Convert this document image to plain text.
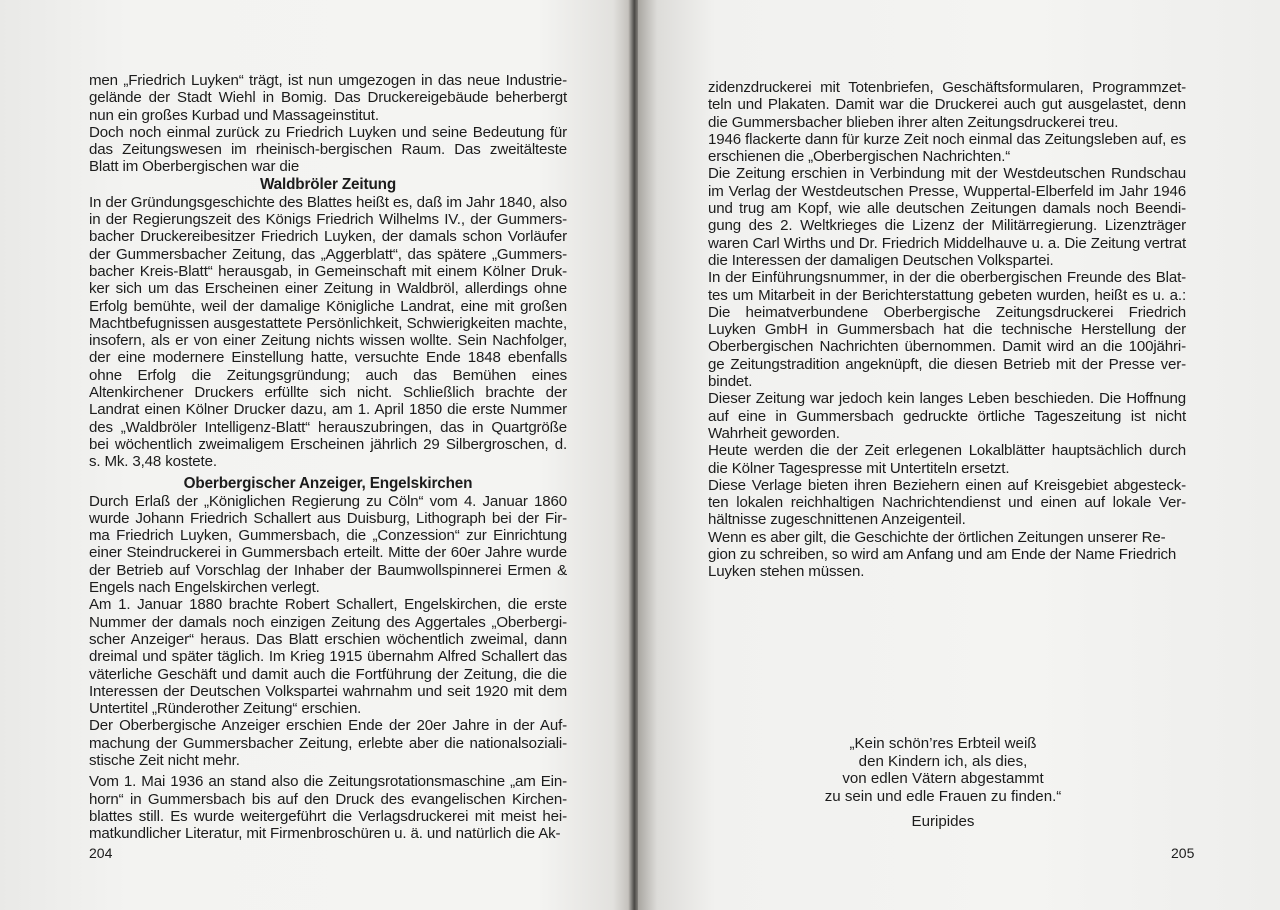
men „Friedrich Luyken“ trägt, ist nun umgezogen in das neue Industrie- gelände der Stadt Wiehl in Bomig. Das Druckereigebäude beherbergt nun ein großes Kurbad und Massageinstitut.

Doch noch einmal zurück zu Friedrich Luyken und seine Bedeutung für das Zeitungswesen im rheinisch-bergischen Raum. Das zweitälteste Blatt im Oberbergischen war die

Waldbröler Zeitung

In der Gründungsgeschichte des Blattes heißt es, daß im Jahr 1840, also in der Regierungszeit des Königs Friedrich Wilhelms IV., der Gummers- bacher Druckereibesitzer Friedrich Luyken, der damals schon Vorläufer der Gummersbacher Zeitung, das „Aggerblatt“, das spätere „Gummers- bacher Kreis-Blatt“ herausgab, in Gemeinschaft mit einem Kölner Druk- ker sich um das Erscheinen einer Zeitung in Waldbröl, allerdings ohne Erfolg bemühte, weil der damalige Königliche Landrat, eine mit großen Machtbefugnissen ausgestattete Persönlichkeit, Schwierigkeiten machte, insofern, als er von einer Zeitung nichts wissen wollte. Sein Nachfolger, der eine modernere Einstellung hatte, versuchte Ende 1848 ebenfalls ohne Erfolg die Zeitungsgründung; auch das Bemühen eines Altenkirchener Druckers erfüllte sich nicht. Schließlich brachte der Landrat einen Kölner Drucker dazu, am 1. April 1850 die erste Nummer des „Waldbröler Intelligenz-Blatt“ herauszubringen, das in Quartgröße bei wöchentlich zweimaligem Erscheinen jährlich 29 Silbergroschen, d. s. Mk. 3,48 kostete.

Oberbergischer Anzeiger, Engelskirchen

Durch Erlaß der „Königlichen Regierung zu Cöln“ vom 4. Januar 1860 wurde Johann Friedrich Schallert aus Duisburg, Lithograph bei der Fir- ma Friedrich Luyken, Gummersbach, die „Conzession“ zur Einrichtung einer Steindruckerei in Gummersbach erteilt. Mitte der 60er Jahre wurde der Betrieb auf Vorschlag der Inhaber der Baumwollspinnerei Ermen & Engels nach Engelskirchen verlegt.

Am 1. Januar 1880 brachte Robert Schallert, Engelskirchen, die erste Nummer der damals noch einzigen Zeitung des Aggertales „Oberbergi- scher Anzeiger“ heraus. Das Blatt erschien wöchentlich zweimal, dann dreimal und später täglich. Im Krieg 1915 übernahm Alfred Schallert das väterliche Geschäft und damit auch die Fortführung der Zeitung, die die Interessen der Deutschen Volkspartei wahrnahm und seit 1920 mit dem Untertitel „Ründerother Zeitung“ erschien.

Der Oberbergische Anzeiger erschien Ende der 20er Jahre in der Auf- machung der Gummersbacher Zeitung, erlebte aber die nationalsoziali- stische Zeit nicht mehr.

Vom 1. Mai 1936 an stand also die Zeitungsrotationsmaschine „am Ein- horn“ in Gummersbach bis auf den Druck des evangelischen Kirchen- blattes still. Es wurde weitergeführt die Verlagsdruckerei mit meist hei- matkundlicher Literatur, mit Firmenbroschüren u. ä. und natürlich die Ak-

204

zidenzdruckerei mit Totenbriefen, Geschäftsformularen, Programmzet- teln und Plakaten. Damit war die Druckerei auch gut ausgelastet, denn die Gummersbacher blieben ihrer alten Zeitungsdruckerei treu.

1946 flackerte dann für kurze Zeit noch einmal das Zeitungsleben auf, es erschienen die „Oberbergischen Nachrichten.“

Die Zeitung erschien in Verbindung mit der Westdeutschen Rundschau im Verlag der Westdeutschen Presse, Wuppertal-Elberfeld im Jahr 1946 und trug am Kopf, wie alle deutschen Zeitungen damals noch Beendi- gung des 2. Weltkrieges die Lizenz der Militärregierung. Lizenzträger waren Carl Wirths und Dr. Friedrich Middelhauve u. a. Die Zeitung vertrat die Interessen der damaligen Deutschen Volkspartei.

In der Einführungsnummer, in der die oberbergischen Freunde des Blat- tes um Mitarbeit in der Berichterstattung gebeten wurden, heißt es u. a.: Die heimatverbundene Oberbergische Zeitungsdruckerei Friedrich Luyken GmbH in Gummersbach hat die technische Herstellung der Oberbergischen Nachrichten übernommen. Damit wird an die 100jähri- ge Zeitungstradition angeknüpft, die diesen Betrieb mit der Presse ver- bindet.

Dieser Zeitung war jedoch kein langes Leben beschieden. Die Hoffnung auf eine in Gummersbach gedruckte örtliche Tageszeitung ist nicht Wahrheit geworden.

Heute werden die der Zeit erlegenen Lokalblätter hauptsächlich durch die Kölner Tagespresse mit Untertiteln ersetzt.

Diese Verlage bieten ihren Beziehern einen auf Kreisgebiet abgesteck- ten lokalen reichhaltigen Nachrichtendienst und einen auf lokale Ver- hältnisse zugeschnittenen Anzeigenteil.

Wenn es aber gilt, die Geschichte der örtlichen Zeitungen unserer Re- gion zu schreiben, so wird am Anfang und am Ende der Name Friedrich Luyken stehen müssen.

„Kein schön’res Erbteil weiß
den Kindern ich, als dies,
von edlen Vätern abgestammt
zu sein und edle Frauen zu finden.“
Euripides
205
